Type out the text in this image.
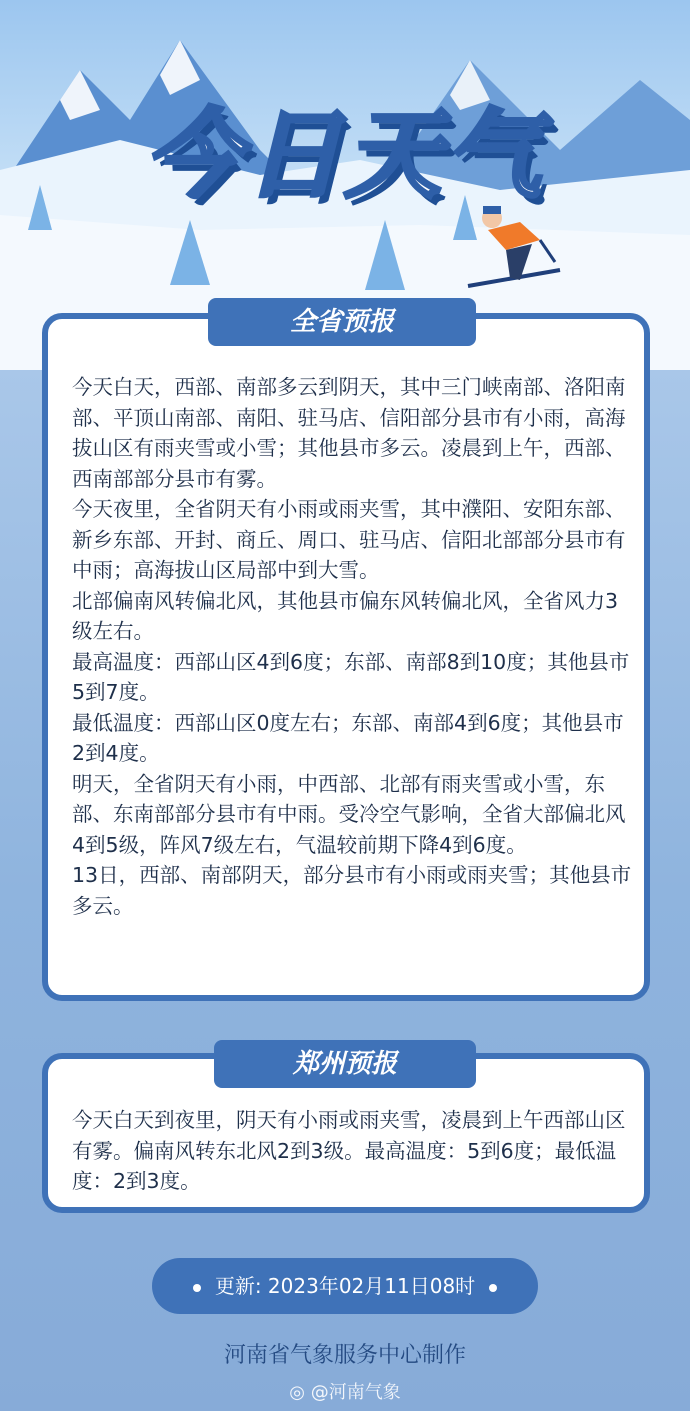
今日天气
全省预报

今天白天，西部、南部多云到阴天，其中三门峡南部、洛阳南部、平顶山南部、南阳、驻马店、信阳部分县市有小雨，高海拔山区有雨夹雪或小雪；其他县市多云。凌晨到上午，西部、西南部部分县市有雾。

今天夜里，全省阴天有小雨或雨夹雪，其中濮阳、安阳东部、新乡东部、开封、商丘、周口、驻马店、信阳北部部分县市有中雨；高海拔山区局部中到大雪。

北部偏南风转偏北风，其他县市偏东风转偏北风，全省风力3级左右。

最高温度：西部山区4到6度；东部、南部8到10度；其他县市5到7度。

最低温度：西部山区0度左右；东部、南部4到6度；其他县市2到4度。

明天，全省阴天有小雨，中西部、北部有雨夹雪或小雪，东部、东南部部分县市有中雨。受冷空气影响，全省大部偏北风4到5级，阵风7级左右，气温较前期下降4到6度。

13日，西部、南部阴天，部分县市有小雨或雨夹雪；其他县市多云。

郑州预报

今天白天到夜里，阴天有小雨或雨夹雪，凌晨到上午西部山区有雾。偏南风转东北风2到3级。最高温度：5到6度；最低温度：2到3度。

更新: 2023年02月11日08时
河南省气象服务中心制作
◎ @河南气象
